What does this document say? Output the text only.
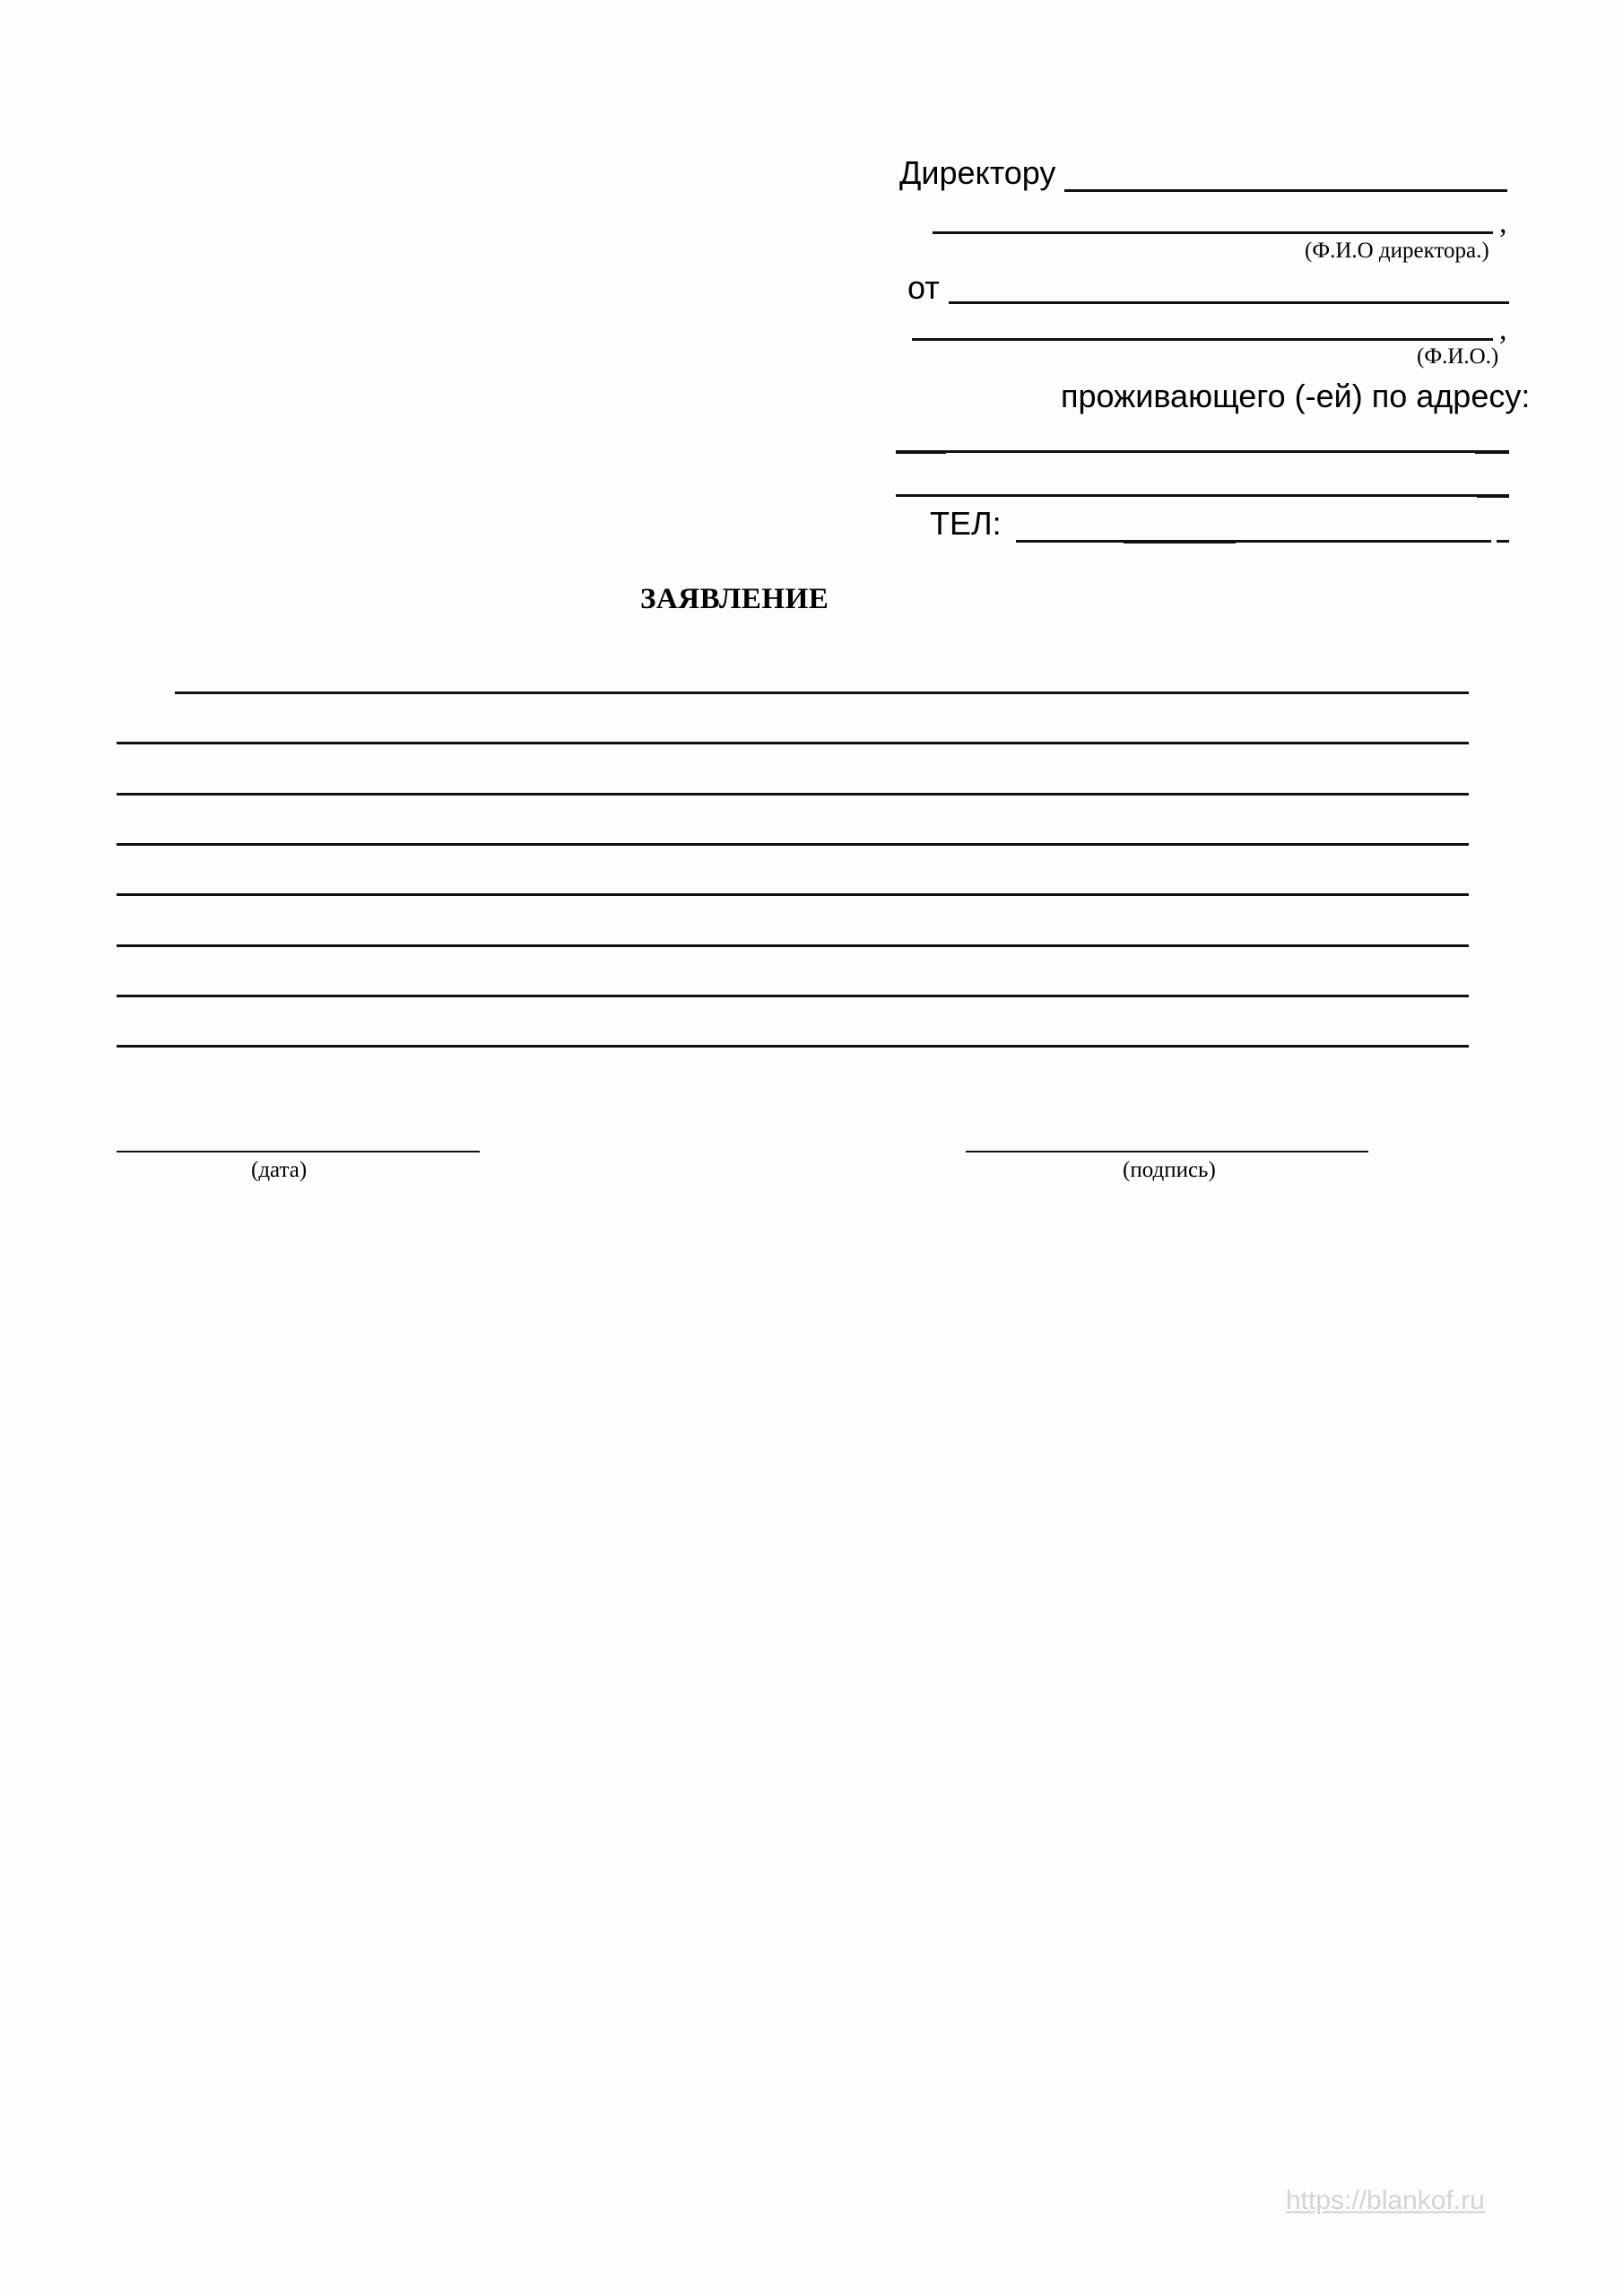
Директору
,
(Ф.И.О директора.)
от
,
(Ф.И.О.)
проживающего (-ей) по адресу:
ТЕЛ:
ЗАЯВЛЕНИЕ
(дата)	(подпись)
https://blankof.ru
